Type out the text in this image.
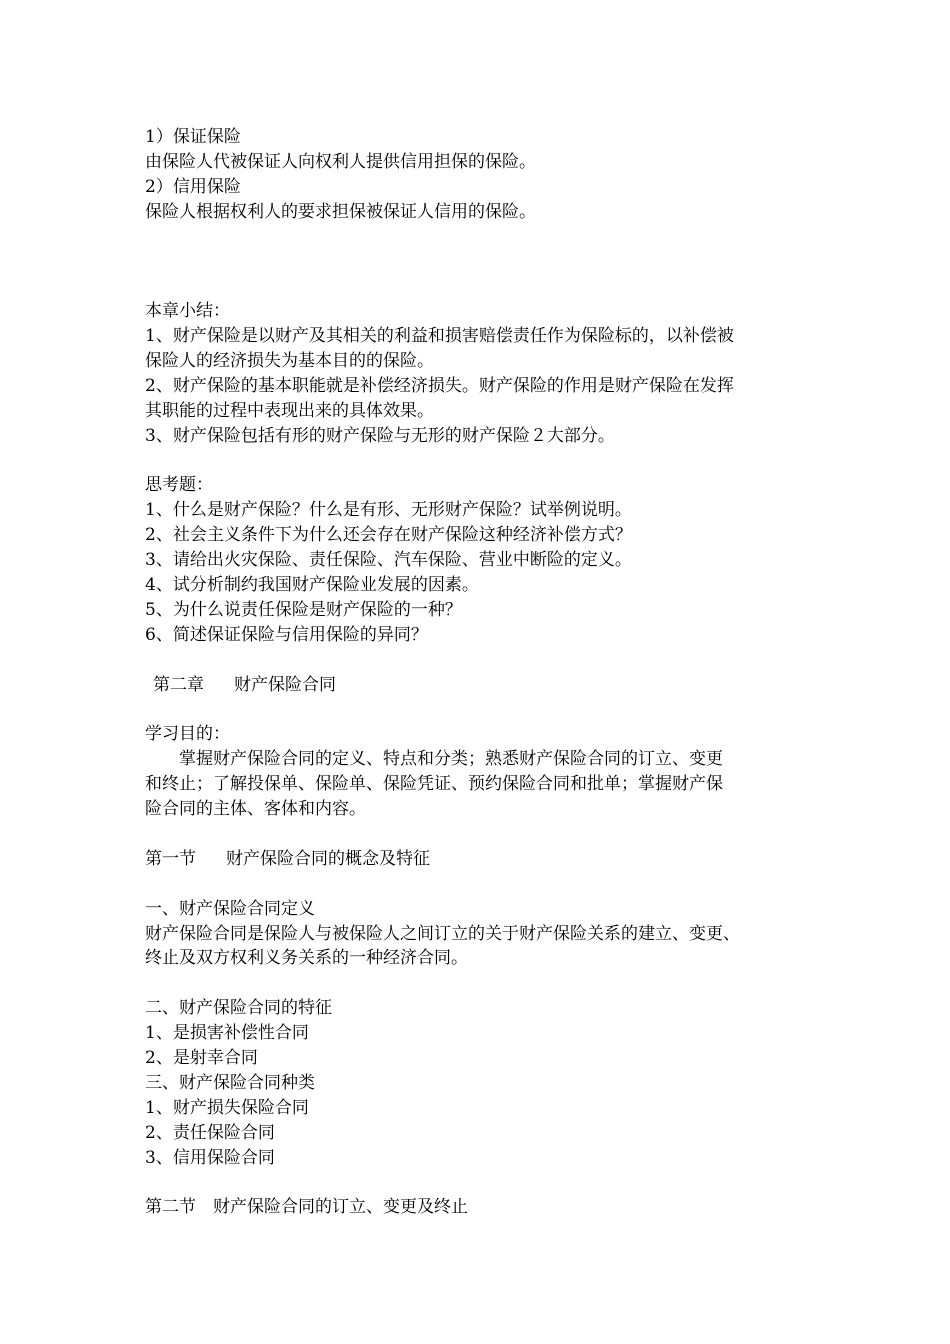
1）保证保险
由保险人代被保证人向权利人提供信用担保的保险。
2）信用保险
保险人根据权利人的要求担保被保证人信用的保险。
本章小结：
1、财产保险是以财产及其相关的利益和损害赔偿责任作为保险标的，以补偿被
保险人的经济损失为基本目的的保险。
2、财产保险的基本职能就是补偿经济损失。财产保险的作用是财产保险在发挥
其职能的过程中表现出来的具体效果。
3、财产保险包括有形的财产保险与无形的财产保险２大部分。
思考题：
1、什么是财产保险？什么是有形、无形财产保险？试举例说明。
2、社会主义条件下为什么还会存在财产保险这种经济补偿方式？
3、请给出火灾保险、责任保险、汽车保险、营业中断险的定义。
4、试分析制约我国财产保险业发展的因素。
5、为什么说责任保险是财产保险的一种？
6、简述保证保险与信用保险的异同？
第二章 财产保险合同
学习目的：
掌握财产保险合同的定义、特点和分类；熟悉财产保险合同的订立、变更
和终止；了解投保单、保险单、保险凭证、预约保险合同和批单；掌握财产保
险合同的主体、客体和内容。
第一节 财产保险合同的概念及特征
一、财产保险合同定义
财产保险合同是保险人与被保险人之间订立的关于财产保险关系的建立、变更、
终止及双方权利义务关系的一种经济合同。
二、财产保险合同的特征
1、是损害补偿性合同
2、是射幸合同
三、财产保险合同种类
1、财产损失保险合同
2、责任保险合同
3、信用保险合同
第二节 财产保险合同的订立、变更及终止
